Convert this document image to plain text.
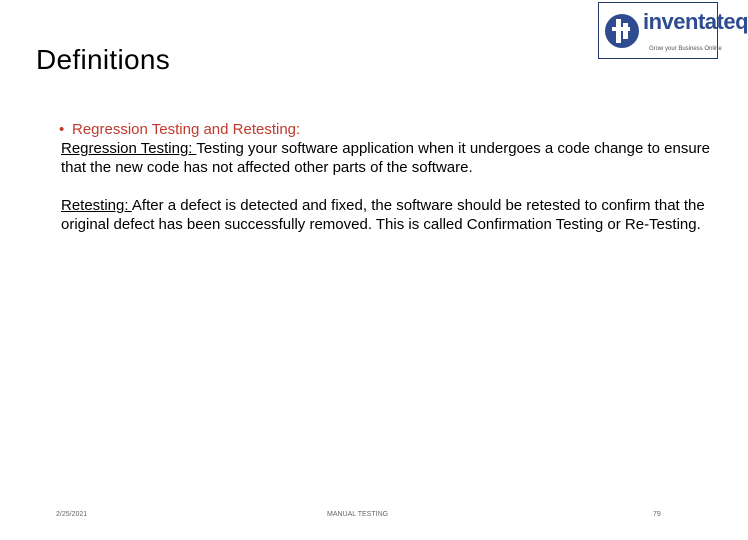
Definitions
inventateq
Grow your Business Online
• Regression Testing and Retesting:

Regression Testing: Testing your software application when it undergoes a code change to ensure that the new code has not affected other parts of the software.

Retesting: After a defect is detected and fixed, the software should be retested to confirm that the original defect has been successfully removed. This is called Confirmation Testing or Re-Testing.

2/25/2021	MANUAL TESTING	79
